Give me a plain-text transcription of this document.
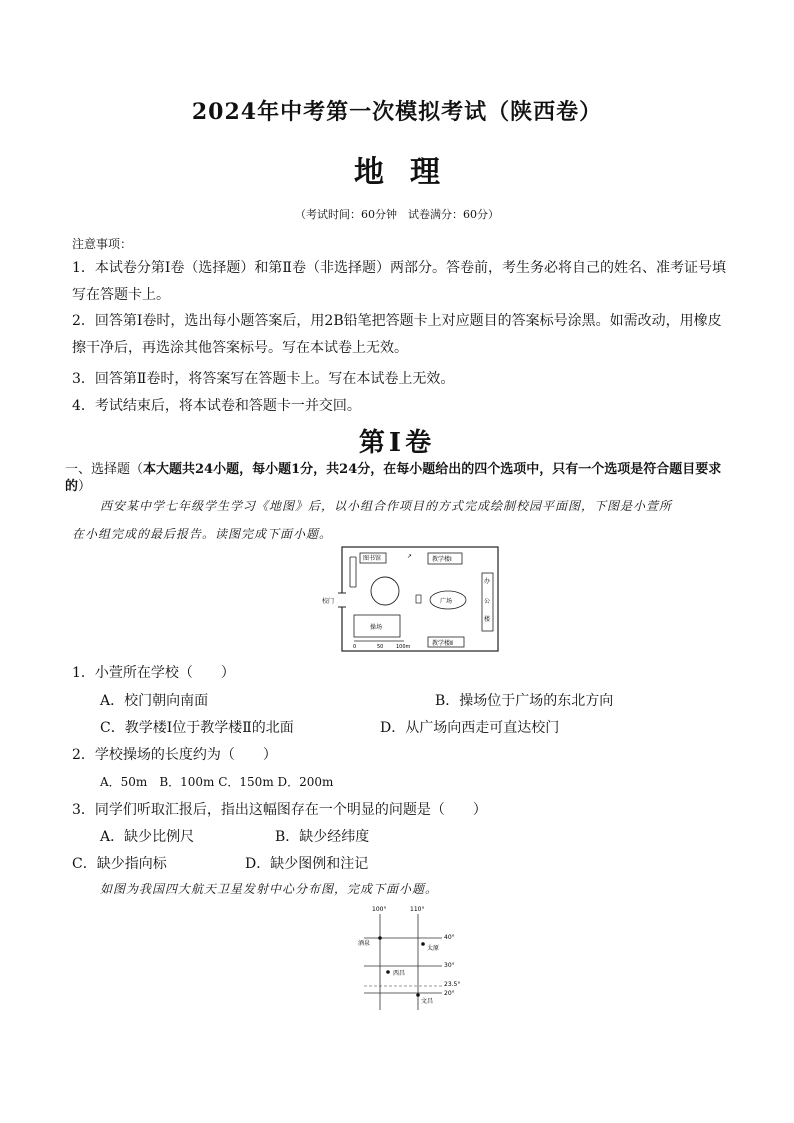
2024年中考第一次模拟考试（陕西卷）
地理
（考试时间：60分钟　试卷满分：60分）
注意事项：
1．本试卷分第Ⅰ卷（选择题）和第Ⅱ卷（非选择题）两部分。答卷前，考生务必将自己的姓名、准考证号填写在答题卡上。
2．回答第Ⅰ卷时，选出每小题答案后，用2B铅笔把答题卡上对应题目的答案标号涂黑。如需改动，用橡皮擦干净后，再选涂其他答案标号。写在本试卷上无效。
3．回答第Ⅱ卷时，将答案写在答题卡上。写在本试卷上无效。
4．考试结束后，将本试卷和答题卡一并交回。
第Ⅰ卷
一、选择题（本大题共24小题，每小题1分，共24分，在每小题给出的四个选项中，只有一个选项是符合题目要求的）
西安某中学七年级学生学习《地图》后，以小组合作项目的方式完成绘制校园平面图，下图是小萱所
在小组完成的最后报告。读图完成下面小题。
校门
图书馆	↗	教学楼Ⅰ
广场
办
公
楼
操场
教学楼Ⅱ
0	50	100m
1．小萱所在学校（　　）
A．校门朝向南面	B．操场位于广场的东北方向
C．教学楼Ⅰ位于教学楼Ⅱ的北面	D．从广场向西走可直达校门
2．学校操场的长度约为（　　）
A．50m　B．100m C．150m D．200m
3．同学们听取汇报后，指出这幅图存在一个明显的问题是（　　）
A．缺少比例尺	B．缺少经纬度
C．缺少指向标	D．缺少图例和注记
如图为我国四大航天卫星发射中心分布图，完成下面小题。
100°	110°
40°
30°
23.5°
20°
酒泉
太原
西昌
文昌
